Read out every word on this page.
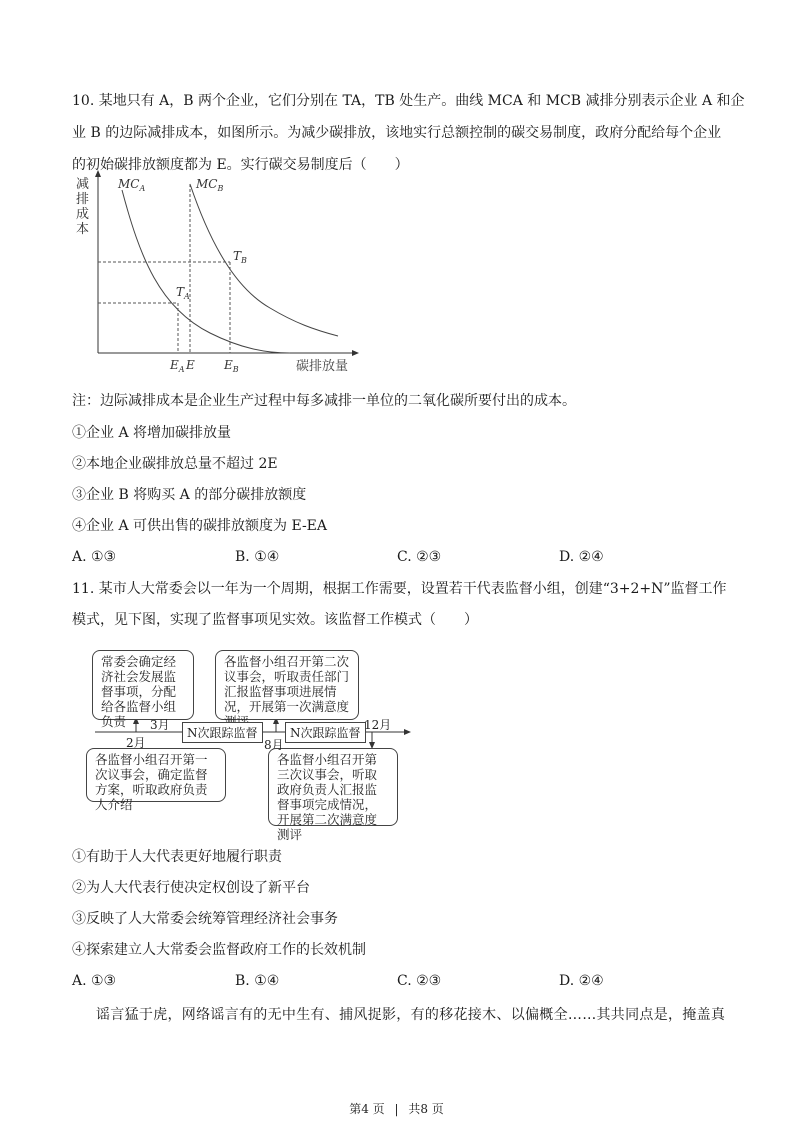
10. 某地只有 A，B 两个企业，它们分别在 TA，TB 处生产。曲线 MCA 和 MCB 减排分别表示企业 A 和企
业 B 的边际减排成本，如图所示。为减少碳排放，该地实行总额控制的碳交易制度，政府分配给每个企业
的初始碳排放额度都为 E。实行碳交易制度后（　　）
减排成本
$MC_A$	$MC_B$
$T_B$
$T_A$
$E_A$ E $E_B$	碳排放量
注：边际减排成本是企业生产过程中每多减排一单位的二氧化碳所要付出的成本。
①企业 A 将增加碳排放量
②本地企业碳排放总量不超过 2E
③企业 B 将购买 A 的部分碳排放额度
④企业 A 可供出售的碳排放额度为 E-EA
A. ①③	B. ①④	C. ②③	D. ②④
11. 某市人大常委会以一年为一个周期，根据工作需要，设置若干代表监督小组，创建“3+2+N”监督工作
模式，见下图，实现了监督事项见实效。该监督工作模式（　　）
常委会确定经济社会发展监督事项，分配给各监督小组负责
各监督小组召开第二次议事会，听取责任部门汇报监督事项进展情况，开展第一次满意度
各监督小组召开第一次议事会，确定监督方案，听取政府负责人介绍
各监督小组召开第三次议事会，听取政府负责人汇报监督事项完成情况，开展第二次满意度测评
N次跟踪监督	N次跟踪监督
2月
3月
8月
12月
①有助于人大代表更好地履行职责
②为人大代表行使决定权创设了新平台
③反映了人大常委会统筹管理经济社会事务
④探索建立人大常委会监督政府工作的长效机制
A. ①③	B. ①④	C. ②③	D. ②④
谣言猛于虎，网络谣言有的无中生有、捕风捉影，有的移花接木、以偏概全……其共同点是，掩盖真
第4 页 | 共8 页
